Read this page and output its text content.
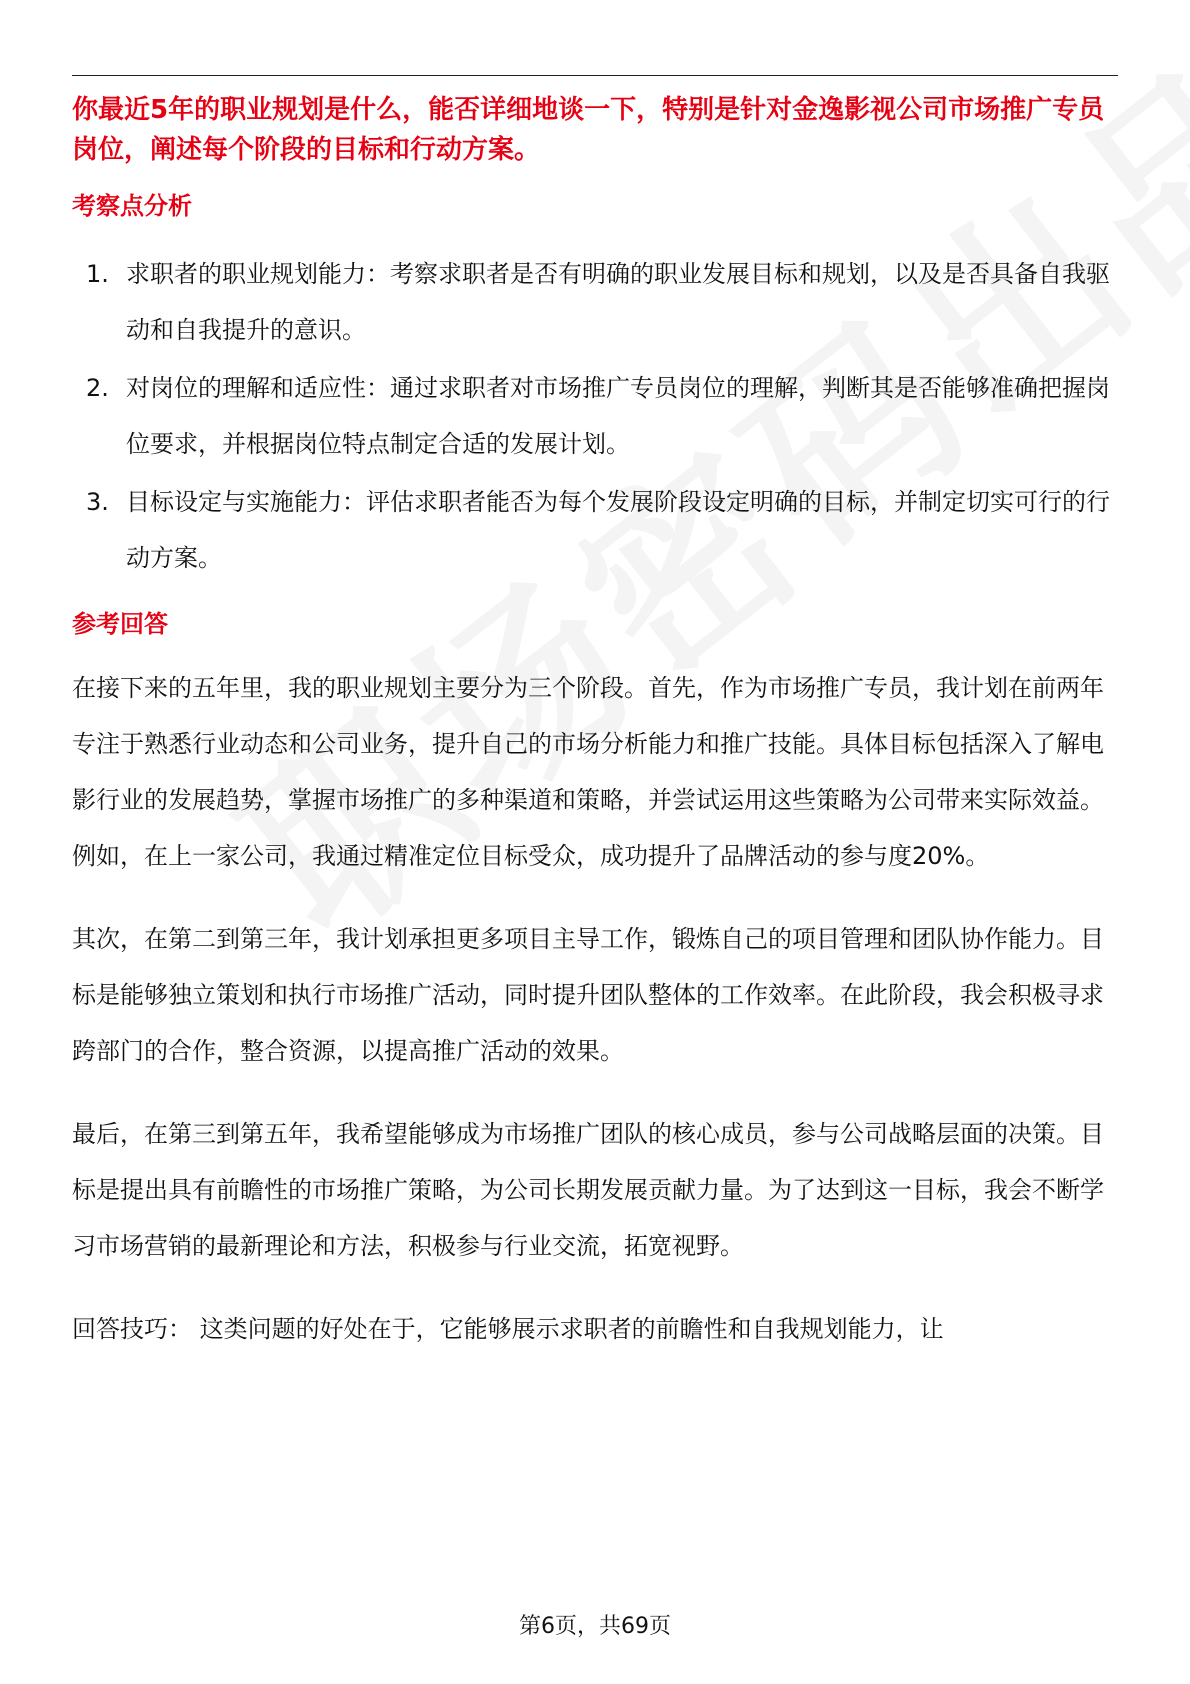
你最近5年的职业规划是什么，能否详细地谈一下，特别是针对金逸影视公司市场推广专员岗位，阐述每个阶段的目标和行动方案。

考察点分析
1. 求职者的职业规划能力：考察求职者是否有明确的职业发展目标和规划，以及是否具备自我驱动和自我提升的意识。
2. 对岗位的理解和适应性：通过求职者对市场推广专员岗位的理解，判断其是否能够准确把握岗位要求，并根据岗位特点制定合适的发展计划。
3. 目标设定与实施能力：评估求职者能否为每个发展阶段设定明确的目标，并制定切实可行的行动方案。
参考回答

在接下来的五年里，我的职业规划主要分为三个阶段。首先，作为市场推广专员，我计划在前两年专注于熟悉行业动态和公司业务，提升自己的市场分析能力和推广技能。具体目标包括深入了解电影行业的发展趋势，掌握市场推广的多种渠道和策略，并尝试运用这些策略为公司带来实际效益。例如，在上一家公司，我通过精准定位目标受众，成功提升了品牌活动的参与度20%。

其次，在第二到第三年，我计划承担更多项目主导工作，锻炼自己的项目管理和团队协作能力。目标是能够独立策划和执行市场推广活动，同时提升团队整体的工作效率。在此阶段，我会积极寻求跨部门的合作，整合资源，以提高推广活动的效果。

最后，在第三到第五年，我希望能够成为市场推广团队的核心成员，参与公司战略层面的决策。目标是提出具有前瞻性的市场推广策略，为公司长期发展贡献力量。为了达到这一目标，我会不断学习市场营销的最新理论和方法，积极参与行业交流，拓宽视野。

回答技巧： 这类问题的好处在于，它能够展示求职者的前瞻性和自我规划能力，让

第6页，共69页
